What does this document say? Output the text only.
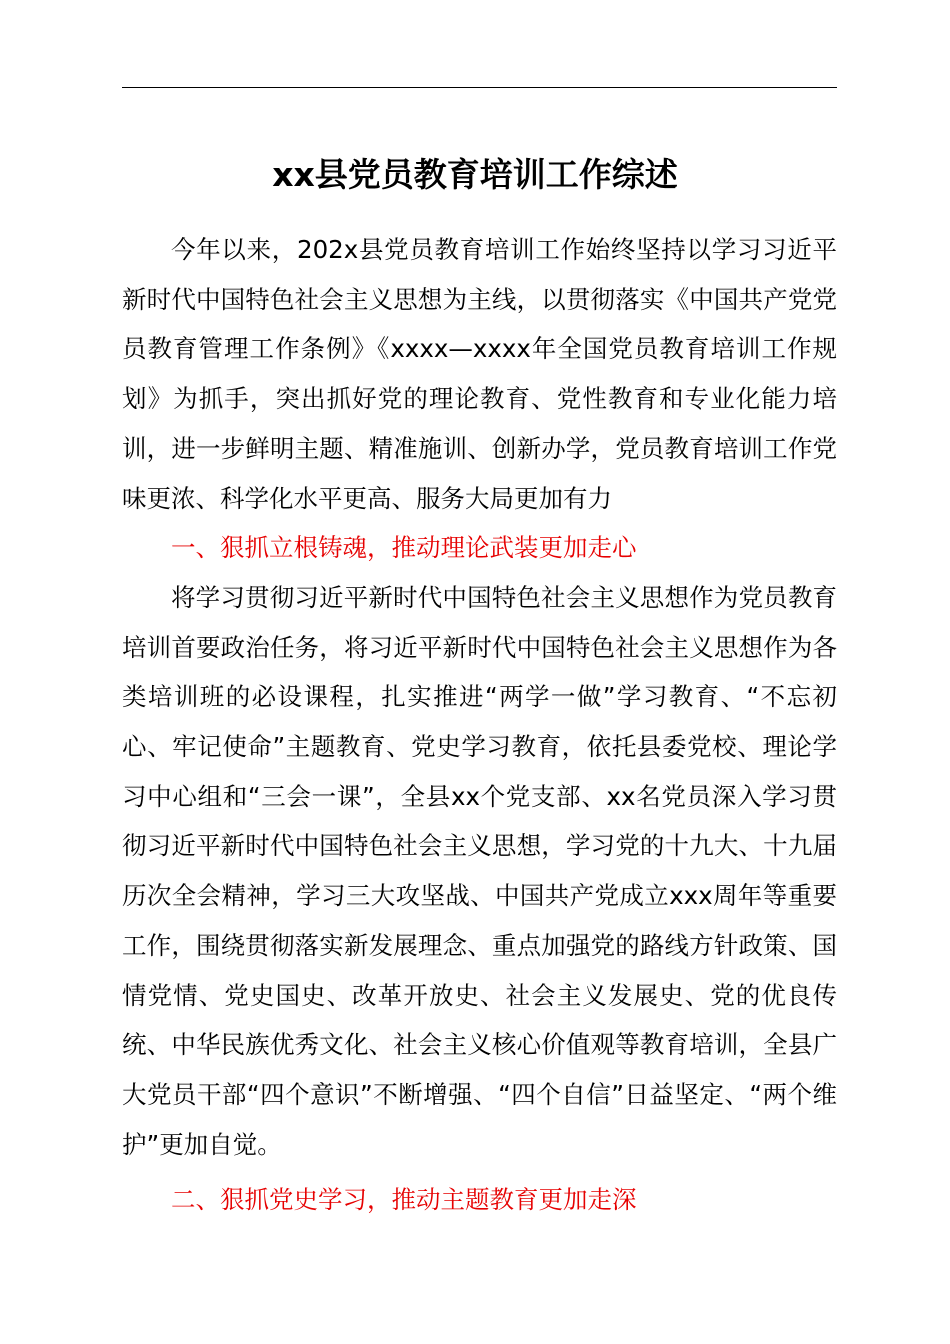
xx县党员教育培训工作综述

今年以来，202x县党员教育培训工作始终坚持以学习习近平新时代中国特色社会主义思想为主线，以贯彻落实《中国共产党党员教育管理工作条例》《xxxx—xxxx年全国党员教育培训工作规划》为抓手，突出抓好党的理论教育、党性教育和专业化能力培训，进一步鲜明主题、精准施训、创新办学，党员教育培训工作党味更浓、科学化水平更高、服务大局更加有力

一、狠抓立根铸魂，推动理论武装更加走心

将学习贯彻习近平新时代中国特色社会主义思想作为党员教育培训首要政治任务，将习近平新时代中国特色社会主义思想作为各类培训班的必设课程，扎实推进“两学一做”学习教育、“不忘初心、牢记使命”主题教育、党史学习教育，依托县委党校、理论学习中心组和“三会一课”，全县xx个党支部、xx名党员深入学习贯彻习近平新时代中国特色社会主义思想，学习党的十九大、十九届历次全会精神，学习三大攻坚战、中国共产党成立xxx周年等重要工作，围绕贯彻落实新发展理念、重点加强党的路线方针政策、国情党情、党史国史、改革开放史、社会主义发展史、党的优良传统、中华民族优秀文化、社会主义核心价值观等教育培训，全县广大党员干部“四个意识”不断增强、“四个自信”日益坚定、“两个维护”更加自觉。

二、狠抓党史学习，推动主题教育更加走深
